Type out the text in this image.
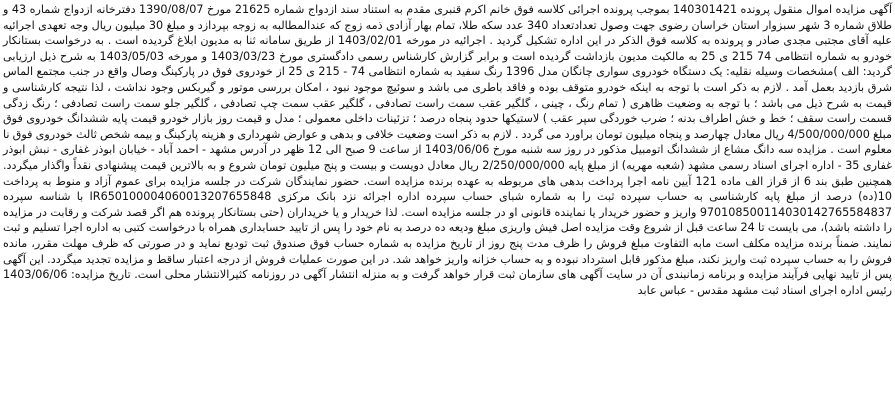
آگهی مزایده اموال منقول پرونده 140301421 بموجب پرونده اجرائی کلاسه فوق خانم اکرم قنبری مقدم به استناد سند ازدواج شماره 21625 مورخ 1390/08/07 دفترخانه ازدواج شماره 43 و طلاق شماره 3 شهر سبزوار استان خراسان رضوی جهت وصول تعدادتعداد 340 عدد سکه طلا، تمام بهار آزادی ذمه زوج که عندالمطالبه به زوجه بپردازد و مبلغ 30 میلیون ریال وجه تعهدی اجرائیه علیه آقای مجتبی مجدی صادر و پرونده به کلاسه فوق الذکر در این اداره تشکیل گردید . اجرائیه در مورخه 1403/02/01 از طریق سامانه ثنا به مدیون ابلاغ گردیده است . به درخواست بستانکار خودرو به شماره انتظامی 74 215 ی 25 به مالکیت مدیون بازداشت گردیده است و برابر گزارش کارشناس رسمی دادگستری مورخ 1403/03/23 و مورخه 1403/05/03 به شرح ذیل ارزیابی گردید: الف )مشخصات وسیله نقلیه: یک دستگاه خودروی سواری چانگان مدل 1396 رنگ سفید به شماره انتظامی 74 - 215 ی 25 از خودروی فوق در پارکینگ وصال واقع در جنب مجتمع الماس شرق بازدید بعمل آمد . لازم به ذکر است با توجه به اینکه خودرو متوقف بوده و فاقد باطری می باشد و سوئیچ موجود نبود ، امکان بررسی موتور و گیربکس وجود نداشت ، لذا نتیجه کارشناسی و قیمت به شرح ذیل می باشد ؛ با توجه به وضعیت ظاهری ( تمام رنگ ، چینی ، گلگیر عقب سمت راست تصادفی ، گلگیر عقب سمت چپ تصادفی ، گلگیر جلو سمت راست تصادفی ؛ رنگ زدگی قسمت راست سقف ؛ خط و خش اطراف بدنه ؛ ضرب خوردگی سپر عقب ) لاستیکها حدود پنجاه درصد ؛ تزئینات داخلی معمولی ؛ مدل و قیمت روز بازار خودرو قیمت پایه ششدانگ خودروی فوق مبلغ 4/500/000/000 ریال معادل چهارصد و پنجاه میلیون تومان براورد می گردد . لازم به ذکر است وضعیت خلافی و بدهی و عوارض شهرداری و هزینه پارکینگ و بیمه شخص ثالث خودروی فوق نا معلوم است . مزایده سه دانگ مشاع از ششدانگ اتومبیل مذکور در روز سه شنبه مورخ 1403/06/06 از ساعت 9 صبح الی 12 ظهر در آدرس مشهد - احمد آباد - خیابان ابوذر غفاری - نبش ابوذر غفاری 35 - اداره اجرای اسناد رسمی مشهد (شعبه مهریه) از مبلغ پایه 2/250/000/000 ریال معادل دویست و بیست و پنج میلیون تومان شروع و به بالاترین قیمت پیشنهادی نقداً واگذار میگردد. همچنین طبق بند 6 از قراز الف ماده 121 آیین نامه اجرا پرداخت بدهی های مربوطه به عهده برنده مزایده است. حضور نمایندگان شرکت در جلسه مزایده برای عموم آزاد و منوط به پرداخت 10(ده) درصد از مبلغ پایه کارشناسی به حساب سپرده ثبت را به شماره شبای حساب سپرده اداره اجرائه نزد بانک مرکزی IR650100004060013207655848 با شناسه سپرده 970108500114030142765584837 واریز و حضور خریدار یا نماینده قانونی او در جلسه مزایده است. لذا خریدار و یا خریداران (حتی بستانکار پرونده هم اگر قصد شرکت و رقابت در مزایده را داشته باشد)، می بایست تا 24 ساعت قبل از شروع وقت مزایده اصل فیش واریزی مبلغ ودیعه ده درصد به نام خود را پس از تایید حسابداری همراه با درخواست کتبی به اداره اجرا تسلیم و ثبت نمایند. ضمناً برنده مزایده مکلف است مابه التفاوت مبلغ فروش را ظرف مدت پنج روز از تاریخ مزایده به شماره حساب فوق صندوق ثبت تودیع نماید و در صورتی که ظرف مهلت مقرر، مانده فروش را به حساب سپرده ثبت واریز نکند، مبلغ مذکور قابل استرداد نبوده و به حساب خزانه واریز خواهد شد. در این صورت عملیات فروش از درجه اعتبار ساقط و مزایده تجدید میگردد. این آگهی پس از تایید نهایی فرآیند مزایده و برنامه زمانبندی آن در سایت آگهی های سازمان ثبت قرار خواهد گرفت و به منزله انتشار آگهی در روزنامه کثیرالانتشار محلی است. تاریخ مزایده: 1403/06/06 رئیس اداره اجرای اسناد ثبت مشهد مقدس - عباس عابد
